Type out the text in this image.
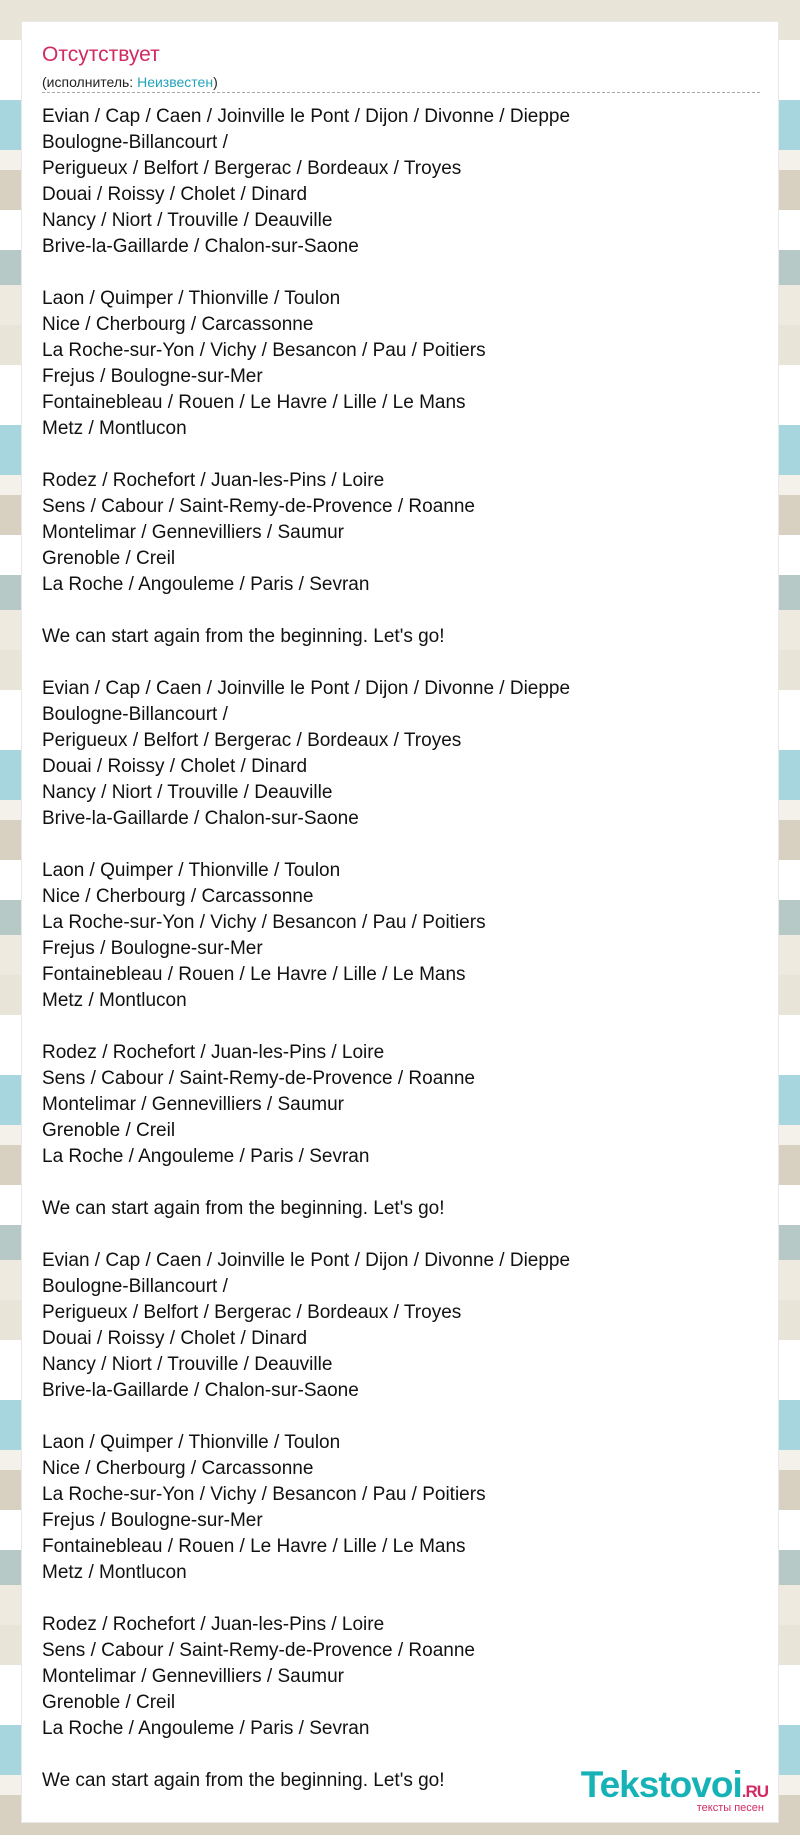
Отсутствует
(исполнитель: Неизвестен)
Evian / Cap / Caen / Joinville le Pont / Dijon / Divonne / Dieppe
Boulogne-Billancourt /
Perigueux / Belfort / Bergerac / Bordeaux / Troyes
Douai / Roissy / Cholet / Dinard
Nancy / Niort / Trouville / Deauville
Brive-la-Gaillarde / Chalon-sur-Saone
Laon / Quimper / Thionville / Toulon
Nice / Cherbourg / Carcassonne
La Roche-sur-Yon / Vichy / Besancon / Pau / Poitiers
Frejus / Boulogne-sur-Mer
Fontainebleau / Rouen / Le Havre / Lille / Le Mans
Metz / Montlucon
Rodez / Rochefort / Juan-les-Pins / Loire
Sens / Cabour / Saint-Remy-de-Provence / Roanne
Montelimar / Gennevilliers / Saumur
Grenoble / Creil
La Roche / Angouleme / Paris / Sevran
We can start again from the beginning. Let's go!
Evian / Cap / Caen / Joinville le Pont / Dijon / Divonne / Dieppe
Boulogne-Billancourt /
Perigueux / Belfort / Bergerac / Bordeaux / Troyes
Douai / Roissy / Cholet / Dinard
Nancy / Niort / Trouville / Deauville
Brive-la-Gaillarde / Chalon-sur-Saone
Laon / Quimper / Thionville / Toulon
Nice / Cherbourg / Carcassonne
La Roche-sur-Yon / Vichy / Besancon / Pau / Poitiers
Frejus / Boulogne-sur-Mer
Fontainebleau / Rouen / Le Havre / Lille / Le Mans
Metz / Montlucon
Rodez / Rochefort / Juan-les-Pins / Loire
Sens / Cabour / Saint-Remy-de-Provence / Roanne
Montelimar / Gennevilliers / Saumur
Grenoble / Creil
La Roche / Angouleme / Paris / Sevran
We can start again from the beginning. Let's go!
Evian / Cap / Caen / Joinville le Pont / Dijon / Divonne / Dieppe
Boulogne-Billancourt /
Perigueux / Belfort / Bergerac / Bordeaux / Troyes
Douai / Roissy / Cholet / Dinard
Nancy / Niort / Trouville / Deauville
Brive-la-Gaillarde / Chalon-sur-Saone
Laon / Quimper / Thionville / Toulon
Nice / Cherbourg / Carcassonne
La Roche-sur-Yon / Vichy / Besancon / Pau / Poitiers
Frejus / Boulogne-sur-Mer
Fontainebleau / Rouen / Le Havre / Lille / Le Mans
Metz / Montlucon
Rodez / Rochefort / Juan-les-Pins / Loire
Sens / Cabour / Saint-Remy-de-Provence / Roanne
Montelimar / Gennevilliers / Saumur
Grenoble / Creil
La Roche / Angouleme / Paris / Sevran
We can start again from the beginning. Let's go!	Tekstovoi.RU
тексты песен
